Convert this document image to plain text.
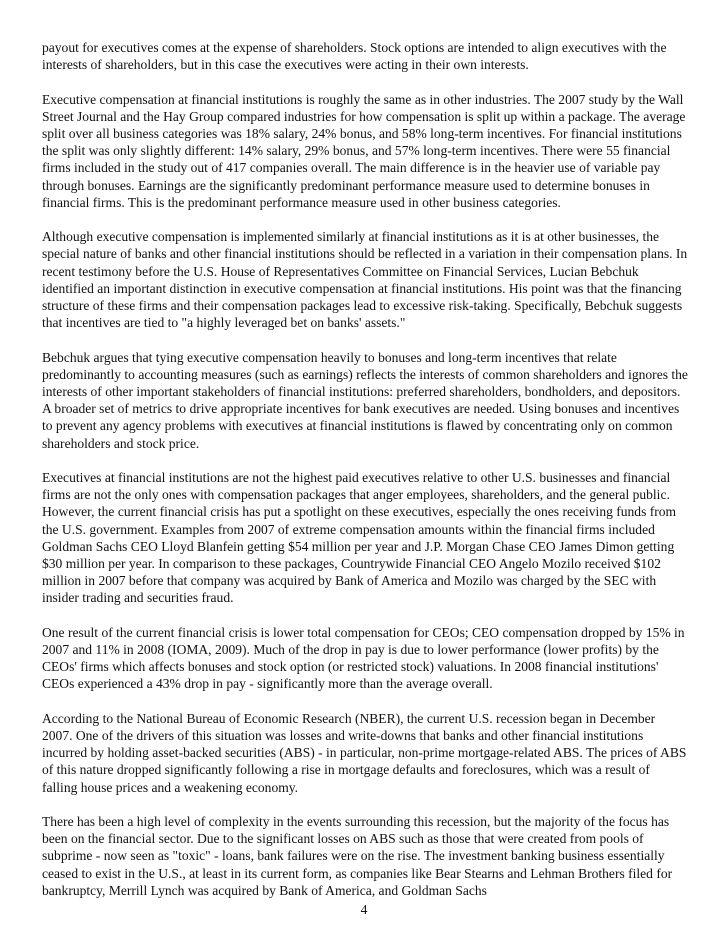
payout for executives comes at the expense of shareholders. Stock options are intended to align executives with the interests of shareholders, but in this case the executives were acting in their own interests.

Executive compensation at financial institutions is roughly the same as in other industries. The 2007 study by the Wall Street Journal and the Hay Group compared industries for how compensation is split up within a package. The average split over all business categories was 18% salary, 24% bonus, and 58% long-term incentives. For financial institutions the split was only slightly different: 14% salary, 29% bonus, and 57% long-term incentives. There were 55 financial firms included in the study out of 417 companies overall. The main difference is in the heavier use of variable pay through bonuses. Earnings are the significantly predominant performance measure used to determine bonuses in financial firms. This is the predominant performance measure used in other business categories.

Although executive compensation is implemented similarly at financial institutions as it is at other businesses, the special nature of banks and other financial institutions should be reflected in a variation in their compensation plans. In recent testimony before the U.S. House of Representatives Committee on Financial Services, Lucian Bebchuk identified an important distinction in executive compensation at financial institutions. His point was that the financing structure of these firms and their compensation packages lead to excessive risk-taking. Specifically, Bebchuk suggests that incentives are tied to "a highly leveraged bet on banks' assets."

Bebchuk argues that tying executive compensation heavily to bonuses and long-term incentives that relate predominantly to accounting measures (such as earnings) reflects the interests of common shareholders and ignores the interests of other important stakeholders of financial institutions: preferred shareholders, bondholders, and depositors. A broader set of metrics to drive appropriate incentives for bank executives are needed. Using bonuses and incentives to prevent any agency problems with executives at financial institutions is flawed by concentrating only on common shareholders and stock price.

Executives at financial institutions are not the highest paid executives relative to other U.S. businesses and financial firms are not the only ones with compensation packages that anger employees, shareholders, and the general public. However, the current financial crisis has put a spotlight on these executives, especially the ones receiving funds from the U.S. government. Examples from 2007 of extreme compensation amounts within the financial firms included Goldman Sachs CEO Lloyd Blanfein getting $54 million per year and J.P. Morgan Chase CEO James Dimon getting $30 million per year. In comparison to these packages, Countrywide Financial CEO Angelo Mozilo received $102 million in 2007 before that company was acquired by Bank of America and Mozilo was charged by the SEC with insider trading and securities fraud.

One result of the current financial crisis is lower total compensation for CEOs; CEO compensation dropped by 15% in 2007 and 11% in 2008 (IOMA, 2009). Much of the drop in pay is due to lower performance (lower profits) by the CEOs' firms which affects bonuses and stock option (or restricted stock) valuations. In 2008 financial institutions' CEOs experienced a 43% drop in pay - significantly more than the average overall.

According to the National Bureau of Economic Research (NBER), the current U.S. recession began in December 2007. One of the drivers of this situation was losses and write-downs that banks and other financial institutions incurred by holding asset-backed securities (ABS) - in particular, non-prime mortgage-related ABS. The prices of ABS of this nature dropped significantly following a rise in mortgage defaults and foreclosures, which was a result of falling house prices and a weakening economy.

There has been a high level of complexity in the events surrounding this recession, but the majority of the focus has been on the financial sector. Due to the significant losses on ABS such as those that were created from pools of subprime - now seen as "toxic" - loans, bank failures were on the rise. The investment banking business essentially ceased to exist in the U.S., at least in its current form, as companies like Bear Stearns and Lehman Brothers filed for bankruptcy, Merrill Lynch was acquired by Bank of America, and Goldman Sachs

4
